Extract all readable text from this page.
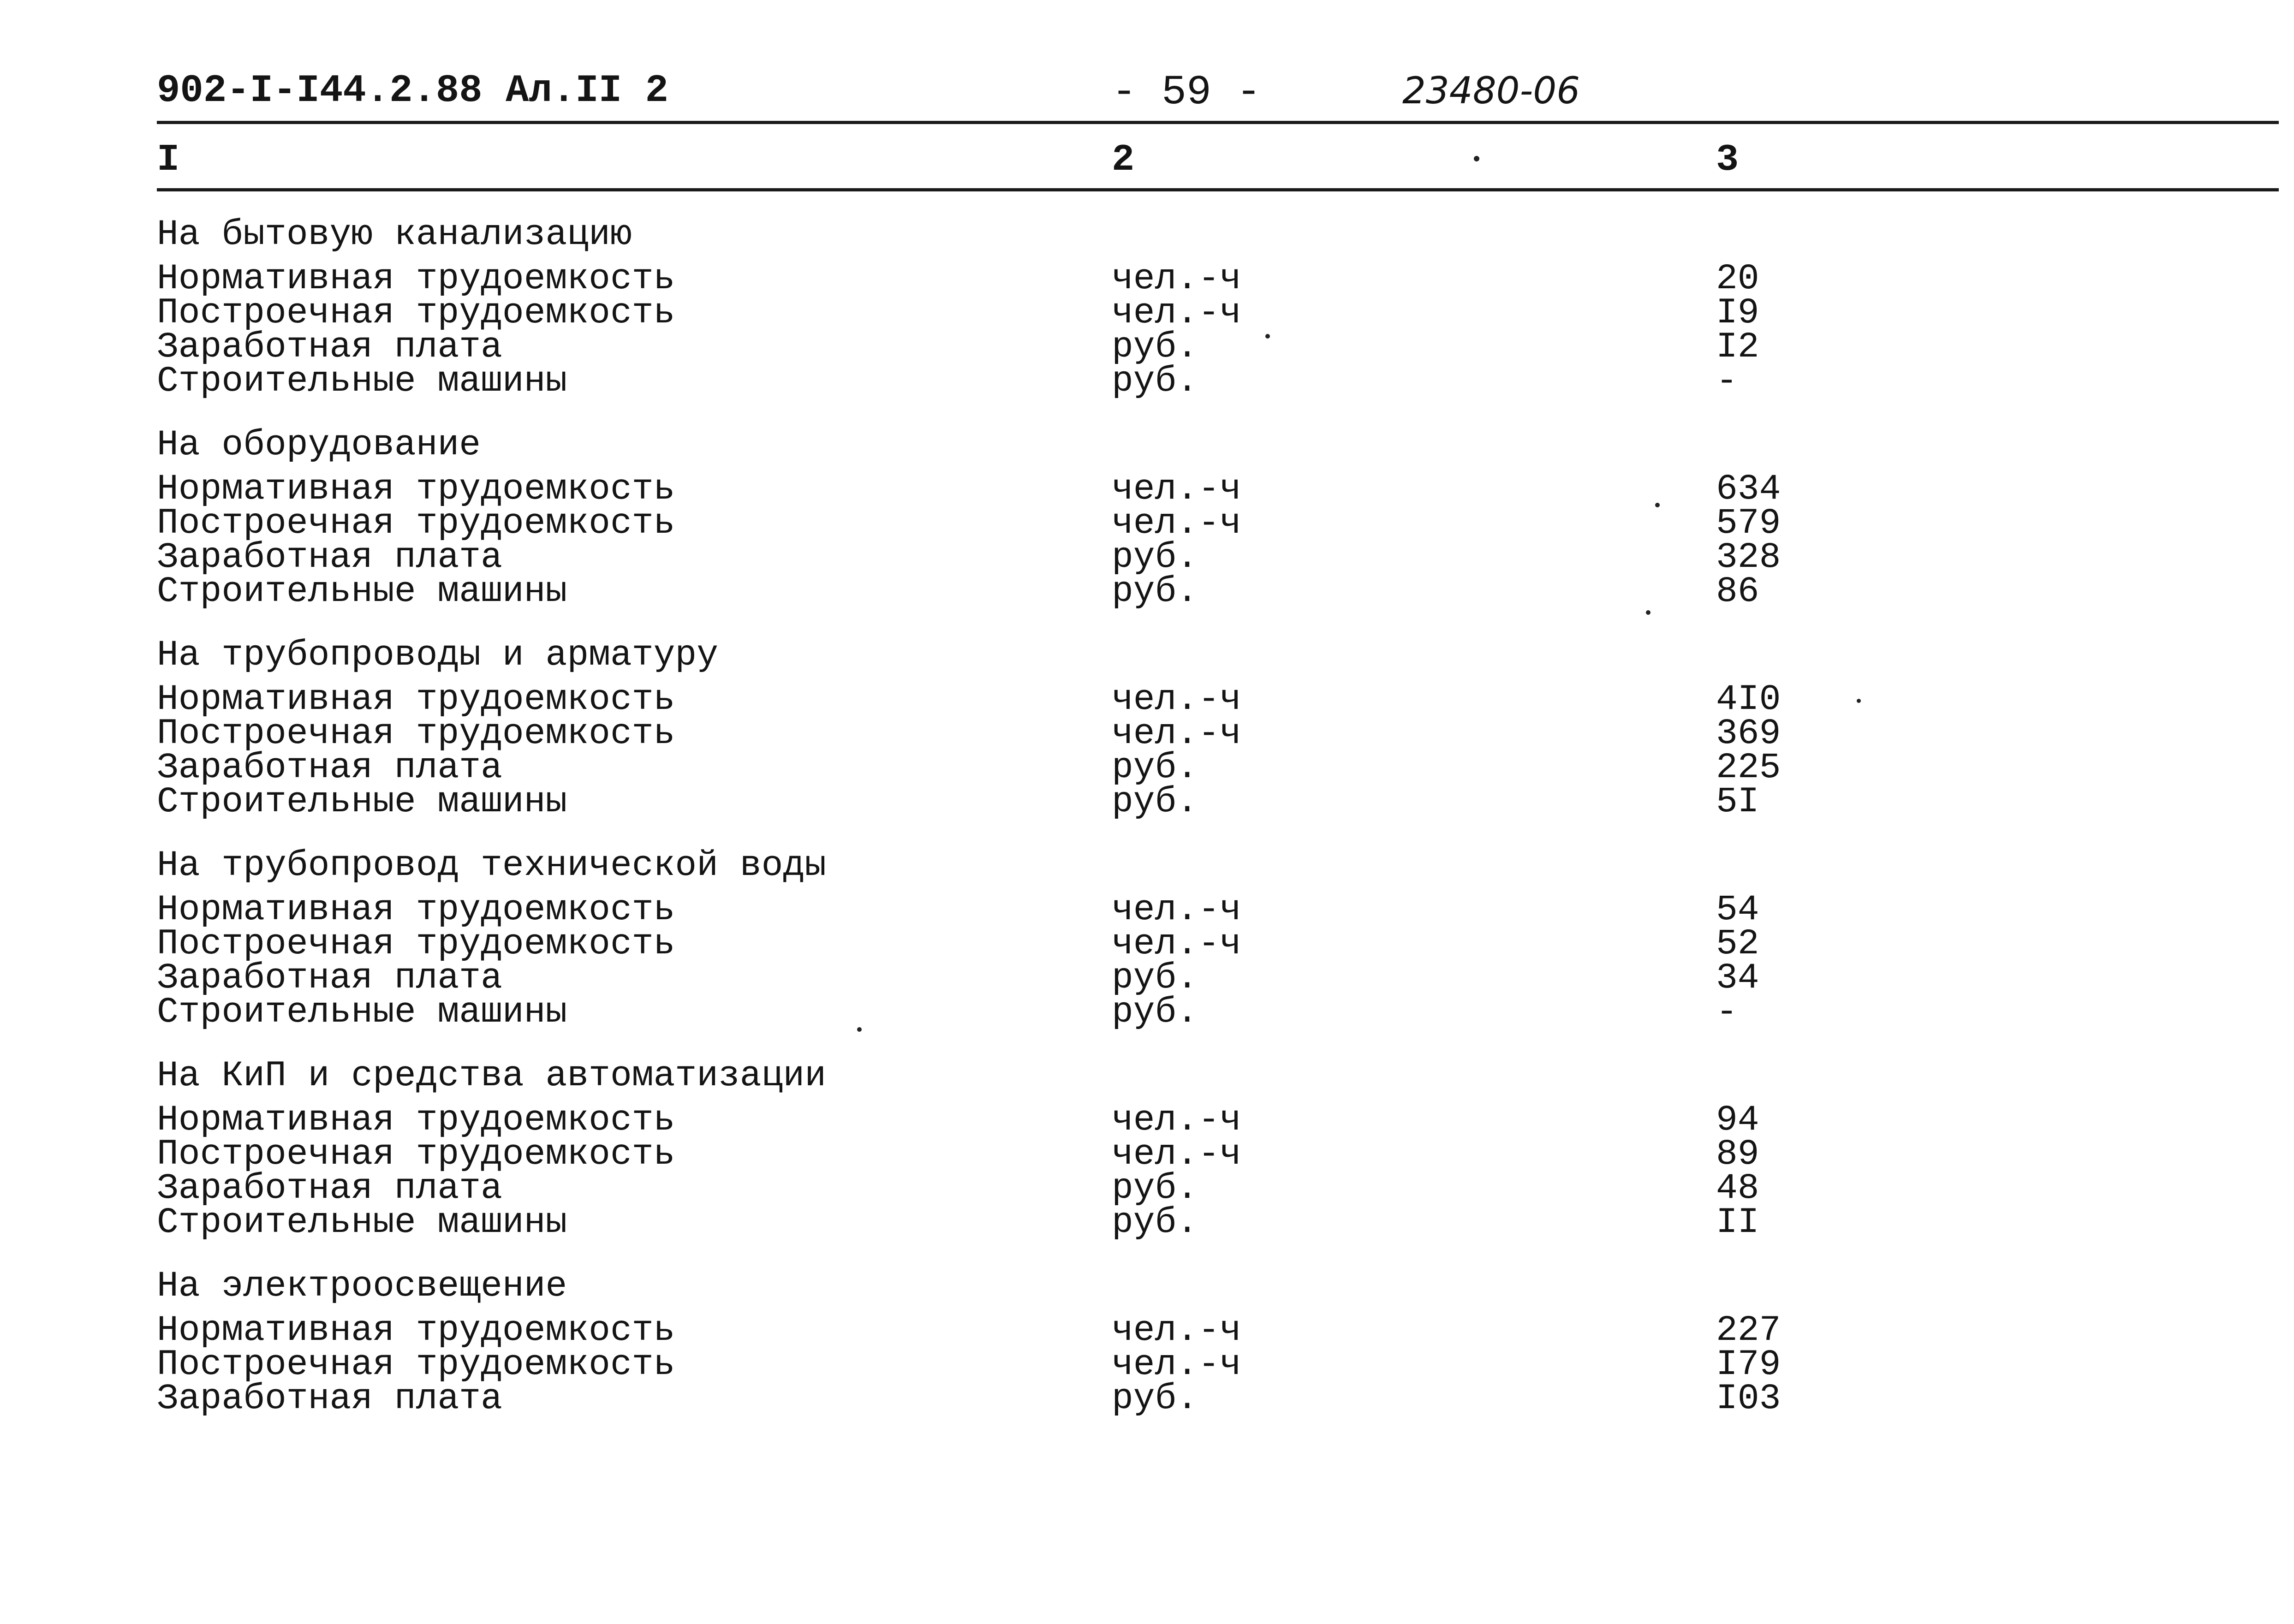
902-I-I44.2.88 Ал.II 2	- 59 -	23480-06
I	2	3
На бытовую канализацию
Нормативная трудоемкость	чел.-ч	20
Построечная трудоемкость	чел.-ч	I9
Заработная плата	руб.	I2
Строительные машины	руб.	-
На оборудование
Нормативная трудоемкость	чел.-ч	634
Построечная трудоемкость	чел.-ч	579
Заработная плата	руб.	328
Строительные машины	руб.	86
На трубопроводы и арматуру
Нормативная трудоемкость	чел.-ч	4I0
Построечная трудоемкость	чел.-ч	369
Заработная плата	руб.	225
Строительные машины	руб.	5I
На трубопровод технической воды
Нормативная трудоемкость	чел.-ч	54
Построечная трудоемкость	чел.-ч	52
Заработная плата	руб.	34
Строительные машины	руб.	-
На КиП и средства автоматизации
Нормативная трудоемкость	чел.-ч	94
Построечная трудоемкость	чел.-ч	89
Заработная плата	руб.	48
Строительные машины	руб.	II
На электроосвещение
Нормативная трудоемкость	чел.-ч	227
Построечная трудоемкость	чел.-ч	I79
Заработная плата	руб.	I03
